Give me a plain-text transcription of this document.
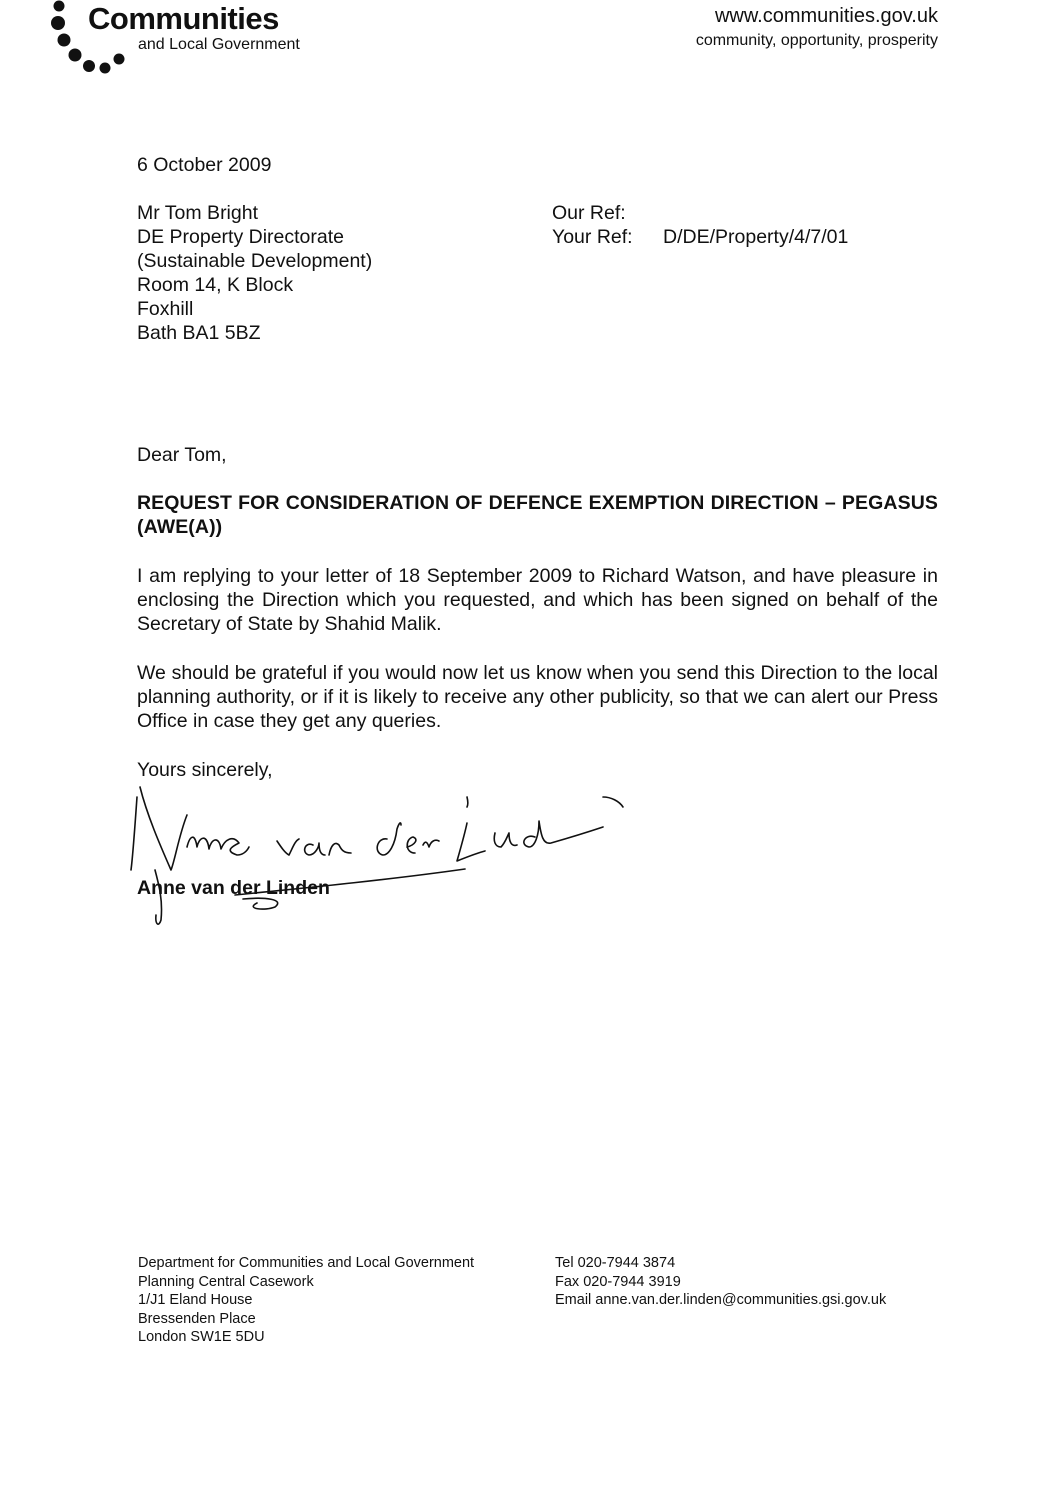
Communities
and Local Government
www.communities.gov.uk
community, opportunity, prosperity
6 October 2009
Mr Tom Bright
DE Property Directorate
(Sustainable Development)
Room 14, K Block
Foxhill
Bath BA1 5BZ
Our Ref:
Your Ref:	D/DE/Property/4/7/01
Dear Tom,
REQUEST FOR CONSIDERATION OF DEFENCE EXEMPTION DIRECTION – PEGASUS (AWE(A))
I am replying to your letter of 18 September 2009 to Richard Watson, and have pleasure in enclosing the Direction which you requested, and which has been signed on behalf of the Secretary of State by Shahid Malik.
We should be grateful if you would now let us know when you send this Direction to the local planning authority, or if it is likely to receive any other publicity, so that we can alert our Press Office in case they get any queries.
Yours sincerely,
Anne van der Linden
Department for Communities and Local Government
Planning Central Casework
1/J1 Eland House
Bressenden Place
London SW1E 5DU
Tel 020-7944 3874
Fax 020-7944 3919
Email anne.van.der.linden@communities.gsi.gov.uk
